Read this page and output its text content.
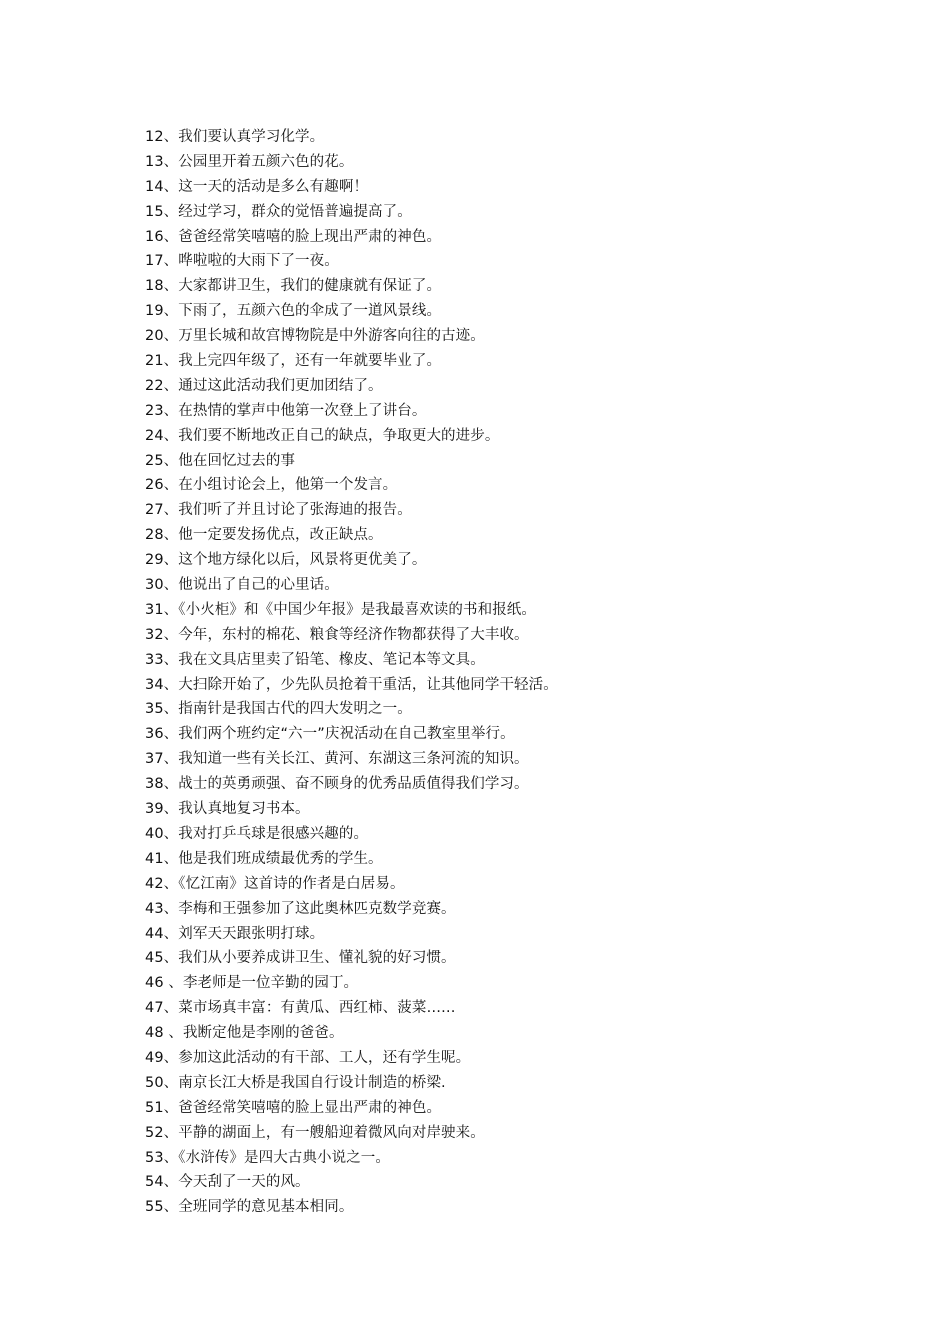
12、我们要认真学习化学。
13、公园里开着五颜六色的花。
14、这一天的活动是多么有趣啊！
15、经过学习，群众的觉悟普遍提高了。
16、爸爸经常笑嘻嘻的脸上现出严肃的神色。
17、哗啦啦的大雨下了一夜。
18、大家都讲卫生，我们的健康就有保证了。
19、下雨了，五颜六色的伞成了一道风景线。
20、万里长城和故宫博物院是中外游客向往的古迹。
21、我上完四年级了，还有一年就要毕业了。
22、通过这此活动我们更加团结了。
23、在热情的掌声中他第一次登上了讲台。
24、我们要不断地改正自己的缺点，争取更大的进步。
25、他在回忆过去的事
26、在小组讨论会上，他第一个发言。
27、我们听了并且讨论了张海迪的报告。
28、他一定要发扬优点，改正缺点。
29、这个地方绿化以后，风景将更优美了。
30、他说出了自己的心里话。
31、《小火柜》和《中国少年报》是我最喜欢读的书和报纸。
32、今年，东村的棉花、粮食等经济作物都获得了大丰收。
33、我在文具店里卖了铅笔、橡皮、笔记本等文具。
34、大扫除开始了，少先队员抢着干重活，让其他同学干轻活。
35、指南针是我国古代的四大发明之一。
36、我们两个班约定“六一”庆祝活动在自己教室里举行。
37、我知道一些有关长江、黄河、东湖这三条河流的知识。
38、战士的英勇顽强、奋不顾身的优秀品质值得我们学习。
39、我认真地复习书本。
40、我对打乒乓球是很感兴趣的。
41、他是我们班成绩最优秀的学生。
42、《忆江南》这首诗的作者是白居易。
43、李梅和王强参加了这此奥林匹克数学竞赛。
44、刘军天天跟张明打球。
45、我们从小要养成讲卫生、懂礼貌的好习惯。
46 、李老师是一位辛勤的园丁。
47、菜市场真丰富：有黄瓜、西红柿、菠菜……
48 、我断定他是李刚的爸爸。
49、参加这此活动的有干部、工人，还有学生呢。
50、南京长江大桥是我国自行设计制造的桥梁.
51、爸爸经常笑嘻嘻的脸上显出严肃的神色。
52、平静的湖面上，有一艘船迎着微风向对岸驶来。
53、《水浒传》是四大古典小说之一。
54、今天刮了一天的风。
55、全班同学的意见基本相同。
